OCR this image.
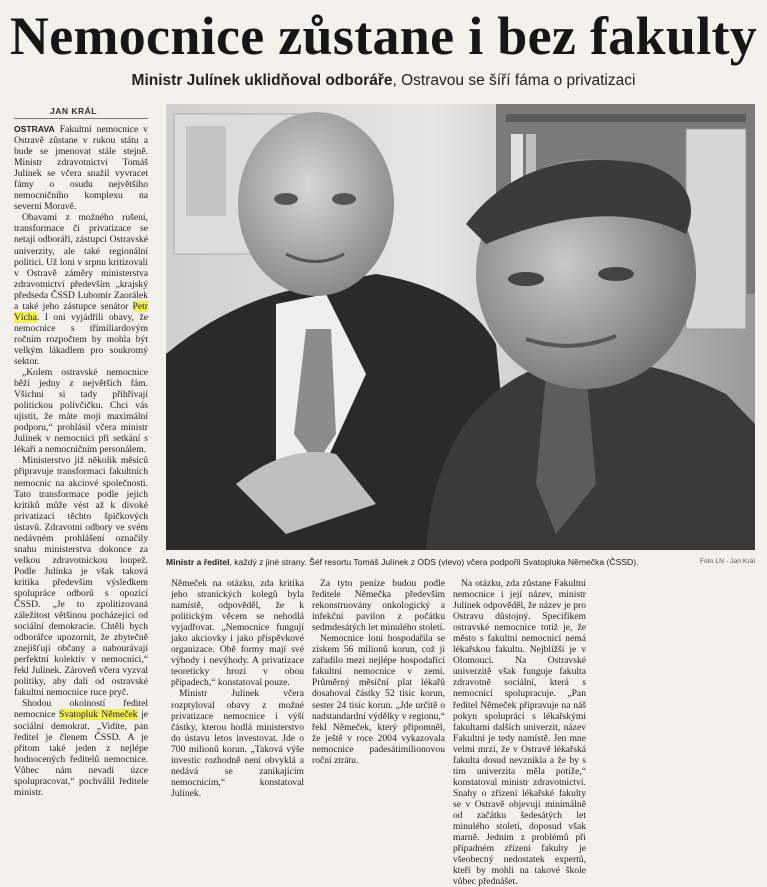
Nemocnice zůstane i bez fakulty
Ministr Julínek uklidňoval odboráře, Ostravou se šíří fáma o privatizaci
JAN KRÁL
Ministr a ředitel, každý z jiné strany. Šéf resortu Tomáš Julínek z ODS (vlevo) včera podpořil Svatopluka Němečka (ČSSD).	Foto LN - Jan Král

OSTRAVA Fakultní nemocnice v Ostravě zůstane v rukou státu a bude se jmenovat stále stejně. Ministr zdravotnictví Tomáš Julínek se včera snažil vyvracet fámy o osudu největšího nemocničního komplexu na severní Moravě.

Obavami z možného rušení, transformace či privatizace se netají odboráři, zástupci Ostravské univerzity, ale také regionální politici. Už loni v srpnu kritizovali v Ostravě záměry ministerstva zdravotnictví především „krajský předseda ČSSD Lubomír Zaorálek a také jeho zástupce senátor Petr Vícha. I oni vyjádřili obavy, že nemocnice s třímiliardovým ročním rozpočtem by mohla být velkým lákadlem pro soukromý sektor.

„Kolem ostravské nemocnice běží jedny z největších fám. Všichni si tady přihřívají politickou polívčičku. Chci vás ujistit, že máte moji maximální podporu,“ prohlásil včera ministr Julínek v nemocnici při setkání s lékaři a nemocničním personálem.

Ministerstvo již několik měsíců připravuje transformaci fakultních nemocnic na akciové společnosti. Tato transformace podle jejich kritiků může vést až k divoké privatizaci těchto špičkových ústavů. Zdravotní odbory ve svém nedávném prohlášení označily snahu ministerstva dokonce za velkou zdravotnickou loupež. Podle Julínka je však taková kritika především výsledkem spolupráce odborů s opozicí ČSSD. „Je to zpolitizovaná záležitost většinou pocházející od sociální demokracie. Chtěli bych odborářce upozornit, že zbytečně znejišťují občany a nabourávají perfektní kolektiv v nemocnici,“ řekl Julínek. Zároveň včera vyzval politiky, aby dali od ostravské fakultní nemocnice ruce pryč.

Shodou okolností ředitel nemocnice Svatopluk Němeček je sociální demokrat. „Vidíte, pan ředitel je členem ČSSD. A je přitom také jeden z nejlépe hodnocených ředitelů nemocnice. Vůbec nám nevadí úzce spolupracovat,“ pochválil ředitele ministr.

Němeček na otázku, zda kritika jeho stranických kolegů byla namístě, odpověděl, že k politickým věcem se nehodlá vyjadřovat. „Nemocnice fungují jako akciovky i jako příspěvkové organizace. Obě formy mají své výhody i nevýhody. A privatizace teoreticky hrozí v obou případech,“ konstatoval pouze.

Ministr Julínek včera rozptyloval obavy z možné privatizace nemocnice i výší částky, kterou hodlá ministerstvo do ústavu letos investovat. Jde o 700 milionů korun. „Taková výše investic rozhodně není obvyklá a nedává se zanikajícím nemocnicím,“ konstatoval Julínek.

Za tyto peníze budou podle ředitele Němečka především rekonstruovány onkologický a infekční pavilon z počátku sedmdesátých let minulého století.

Nemocnice loni hospodařila se ziskem 56 milionů korun, což ji zařadilo mezi nejlépe hospodařící fakultní nemocnice v zemi. Průměrný měsíční plat lékařů dosahoval částky 52 tisíc korun, sester 24 tisíc korun. „Jde určitě o nadstandardní výdělky v regionu,“ řekl Němeček, který připomněl, že ještě v roce 2004 vykazovala nemocnice padesátimilionovou roční ztrátu.

Na otázku, zda zůstane Fakultní nemocnice i její název, ministr Julínek odpověděl, že název je pro Ostravu důstojný. Specifikem ostravské nemocnice totiž je, že město s fakultní nemocnicí nemá lékařskou fakultu. Nejbližší je v Olomouci. Na Ostravské univerzitě však funguje fakulta zdravotně sociální, která s nemocnicí spolupracuje. „Pan ředitel Němeček připravuje na náš pokyn spolupráci s lékařskými fakultami dalších univerzit, název Fakultní je tedy namístě. Jen mne velmi mrzí, že v Ostravě lékařská fakulta dosud nevznikla a že by s tím univerzita měla potíže,“ konstatoval ministr zdravotnictví. Snahy o zřízení lékařské fakulty se v Ostravě objevují minimálně od začátku šedesátých let minulého století, doposud však marně. Jedním z problémů při případném zřízení fakulty je všeobecný nedostatek expertů, kteří by mohli na takové škole vůbec přednášet.
